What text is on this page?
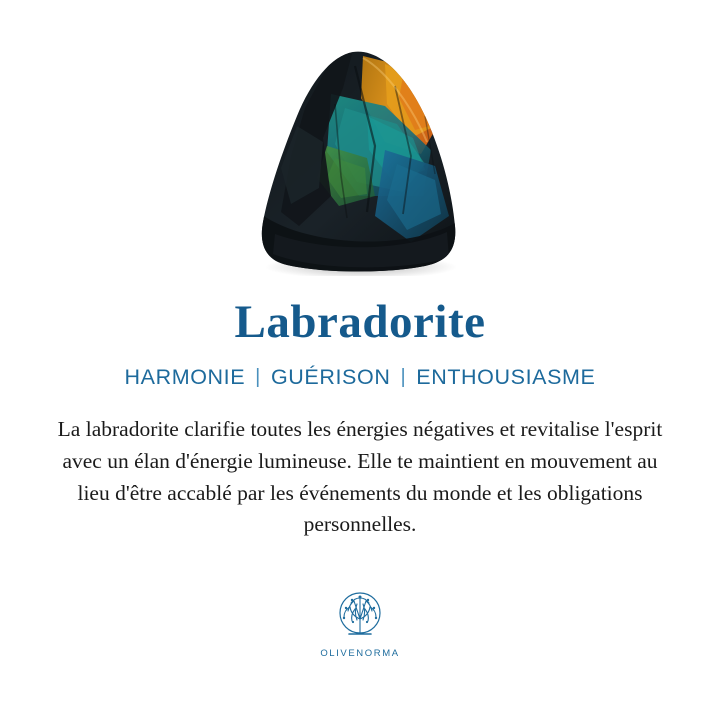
Labradorite
HARMONIE | GUÉRISON | ENTHOUSIASME

La labradorite clarifie toutes les énergies négatives et revitalise l'esprit avec un élan d'énergie lumineuse. Elle te maintient en mouvement au lieu d'être accablé par les événements du monde et les obligations personnelles.

OLIVENORMA
